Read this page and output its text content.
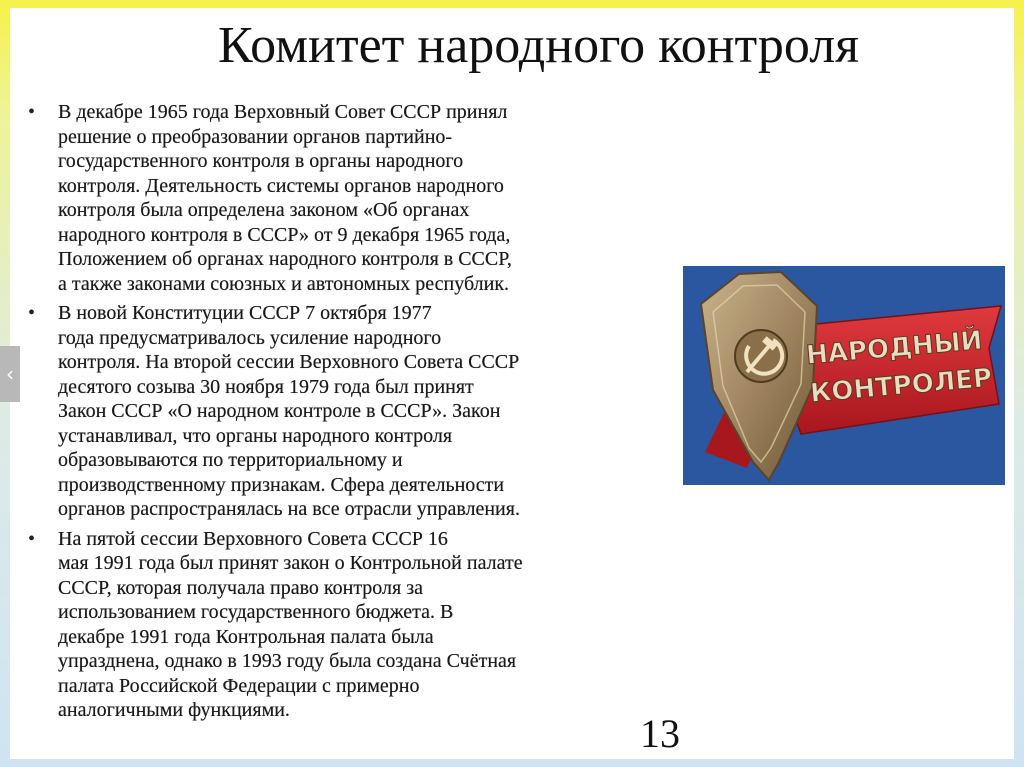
Комитет народного контроля
• В декабре 1965 года Верховный Совет СССР принял
решение о преобразовании органов партийно-
государственного контроля в органы народного
контроля. Деятельность системы органов народного
контроля была определена законом «Об органах
народного контроля в СССР» от 9 декабря 1965 года,
Положением об органах народного контроля в СССР,
а также законами союзных и автономных республик.
• В новой Конституции СССР 7 октября 1977
года предусматривалось усиление народного
контроля. На второй сессии Верховного Совета СССР
десятого созыва 30 ноября 1979 года был принят
Закон СССР «О народном контроле в СССР». Закон
устанавливал, что органы народного контроля
образовываются по территориальному и
производственному признакам. Сфера деятельности
органов распространялась на все отрасли управления.
• На пятой сессии Верховного Совета СССР 16
мая 1991 года был принят закон о Контрольной палате
СССР, которая получала право контроля за
использованием государственного бюджета. В
декабре 1991 года Контрольная палата была
упразднена, однако в 1993 году была создана Счётная
палата Российской Федерации с примерно
аналогичными функциями.
13
НАРОДНЫЙ
КОНТРОЛЕР
‹
